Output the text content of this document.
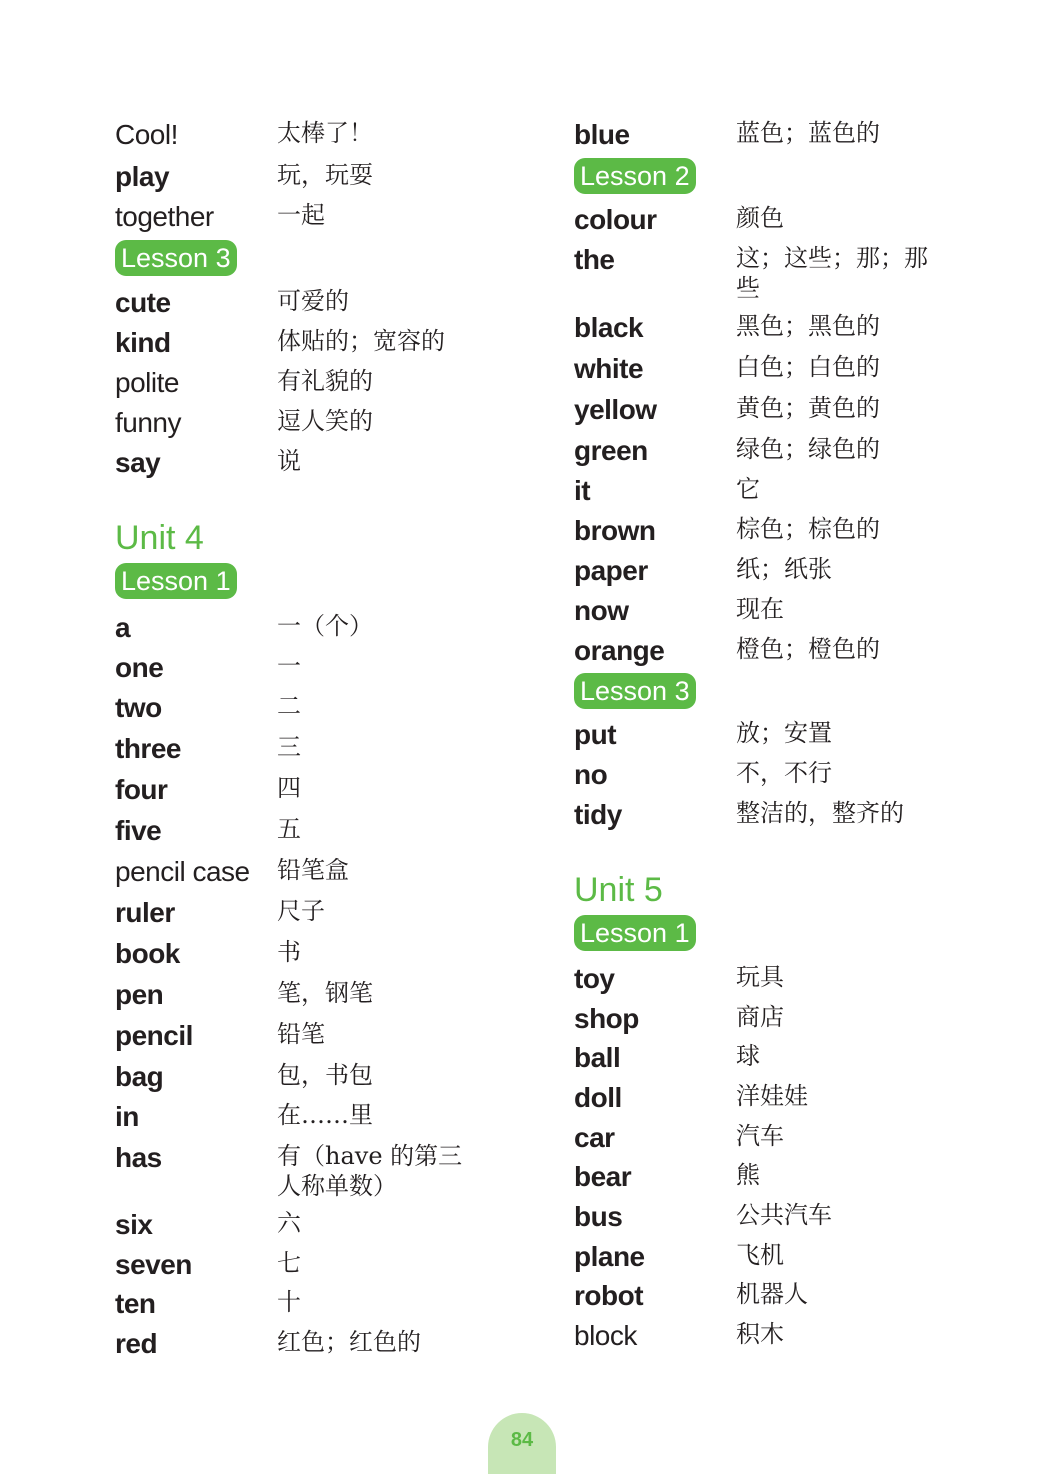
Cool!	太棒了！
play	玩，玩耍
together	一起
Lesson 3
cute	可爱的
kind	体贴的；宽容的
polite	有礼貌的
funny	逗人笑的
say	说
Unit 4
Lesson 1
a	一（个）
one	一
two	二
three	三
four	四
five	五
pencil case 铅笔盒
ruler	尺子
book	书
pen	笔，钢笔
pencil	铅笔
bag	包，书包
in	在……里
has	有（have 的第三人称单数）
six	六
seven	七
ten	十
red	红色；红色的
blue	蓝色；蓝色的
Lesson 2
colour	颜色
the	这；这些；那；那些
black	黑色；黑色的
white	白色；白色的
yellow	黄色；黄色的
green	绿色；绿色的
it	它
brown	棕色；棕色的
paper	纸；纸张
now	现在
orange	橙色；橙色的
Lesson 3
put	放；安置
no	不，不行
tidy	整洁的，整齐的
Unit 5
Lesson 1
toy	玩具
shop	商店
ball	球
doll	洋娃娃
car	汽车
bear	熊
bus	公共汽车
plane	飞机
robot	机器人
block	积木
84
